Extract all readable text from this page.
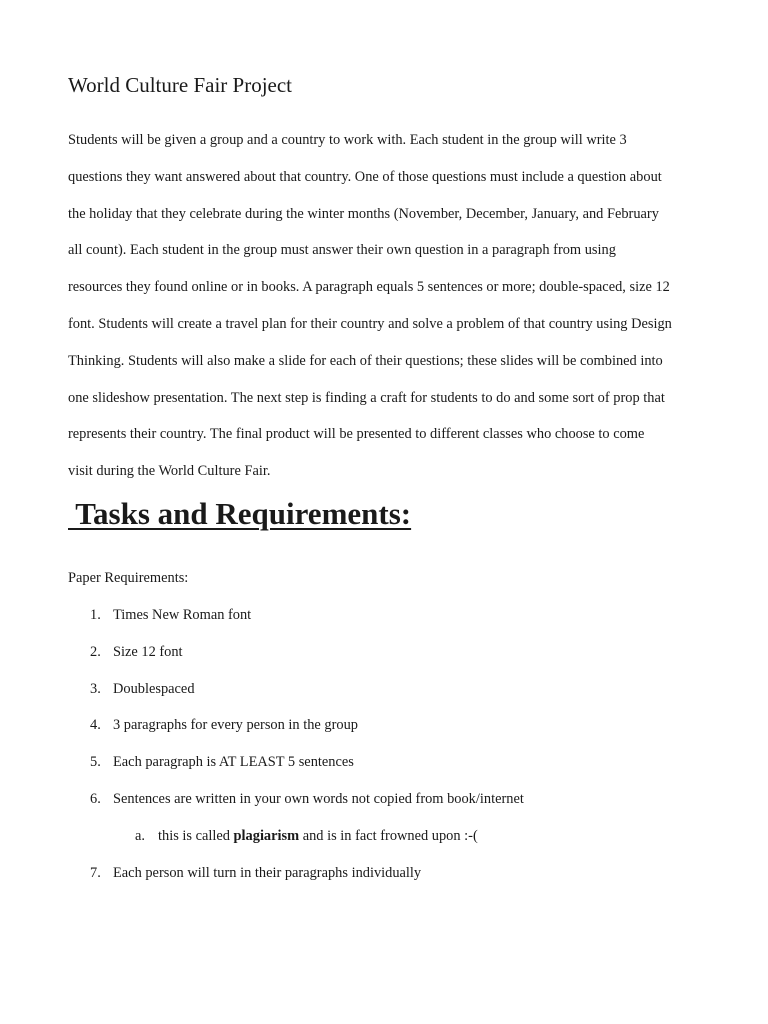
World Culture Fair Project

Students will be given a group and a country to work with. Each student in the group will write 3
questions they want answered about that country. One of those questions must include a question about
the holiday that they celebrate during the winter months (November, December, January, and February
all count). Each student in the group must answer their own question in a paragraph from using
resources they found online or in books. A paragraph equals 5 sentences or more; double-spaced, size 12
font. Students will create a travel plan for their country and solve a problem of that country using Design
Thinking. Students will also make a slide for each of their questions; these slides will be combined into
one slideshow presentation. The next step is finding a craft for students to do and some sort of prop that
represents their country. The final product will be presented to different classes who choose to come
visit during the World Culture Fair.

Tasks and Requirements:

Paper Requirements:

1. Times New Roman font
2. Size 12 font
3. Doublespaced
4. 3 paragraphs for every person in the group
5. Each paragraph is AT LEAST 5 sentences
6. Sentences are written in your own words not copied from book/internet
a. this is called plagiarism and is in fact frowned upon :-(
7. Each person will turn in their paragraphs individually
